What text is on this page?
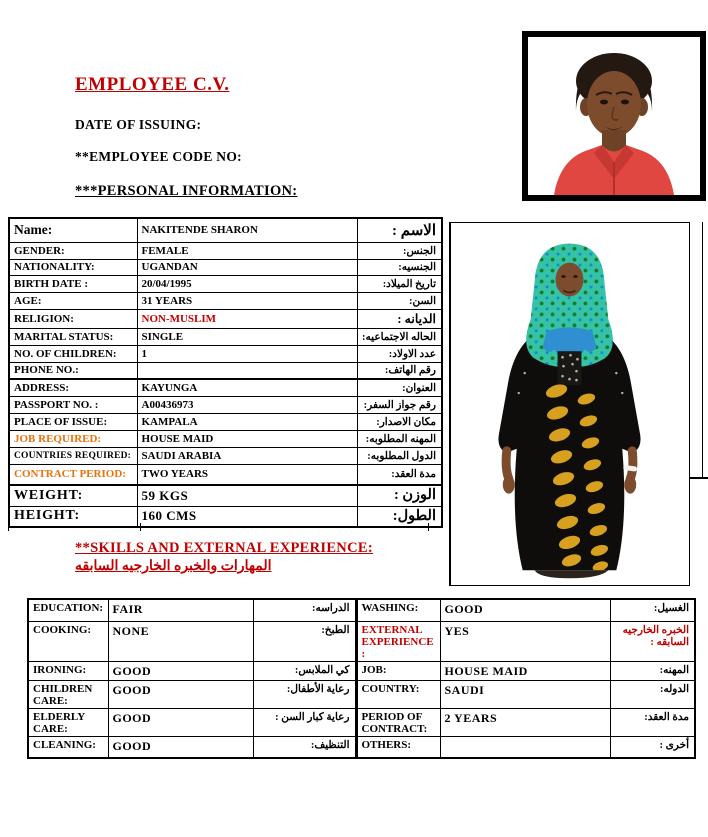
EMPLOYEE C.V.
DATE OF ISSUING:
**EMPLOYEE CODE NO:
***PERSONAL INFORMATION:
Name:	NAKITENDE SHARON	الاسم :
GENDER:	FEMALE	الجنس:
NATIONALITY:	UGANDAN	الجنسيه:
BIRTH DATE :	20/04/1995	تاريخ الميلاد:
AGE:	31 YEARS	السن:
RELIGION:	NON-MUSLIM	الديانه :
MARITAL STATUS:	SINGLE	الحاله الاجتماعيه:
NO. OF CHILDREN:	1	عدد الاولاد:
PHONE NO.:		رقم الهاتف:
ADDRESS:	KAYUNGA	العنوان:
PASSPORT NO. :	A00436973	رقم جواز السفر:
PLACE OF ISSUE:	KAMPALA	مكان الاصدار:
JOB REQUIRED:	HOUSE MAID	المهنه المطلوبه:
COUNTRIES REQUIRED:	SAUDI ARABIA	الدول المطلوبه:
CONTRACT PERIOD:	TWO YEARS	مدة العقد:
WEIGHT:	59 KGS	الوزن :
HEIGHT:	160 CMS	الطول:
**SKILLS AND EXTERNAL EXPERIENCE:
المهارات والخبره الخارجيه السابقه
EDUCATION:	FAIR	الدراسه:	WASHING:	GOOD	الغسيل:
COOKING:	NONE	الطبخ:	EXTERNAL EXPERIENCE :	YES	الخبره الخارجيه السابقه :
IRONING:	GOOD	كي الملابس:	JOB:	HOUSE MAID	المهنه:
CHILDREN CARE:	GOOD	رعاية الأطفال:	COUNTRY:	SAUDI	الدوله:
ELDERLY CARE:	GOOD	رعاية كبار السن :	PERIOD OF CONTRACT:	2 YEARS	مدة العقد:
CLEANING:	GOOD	التنظيف:	OTHERS:		أخرى :
